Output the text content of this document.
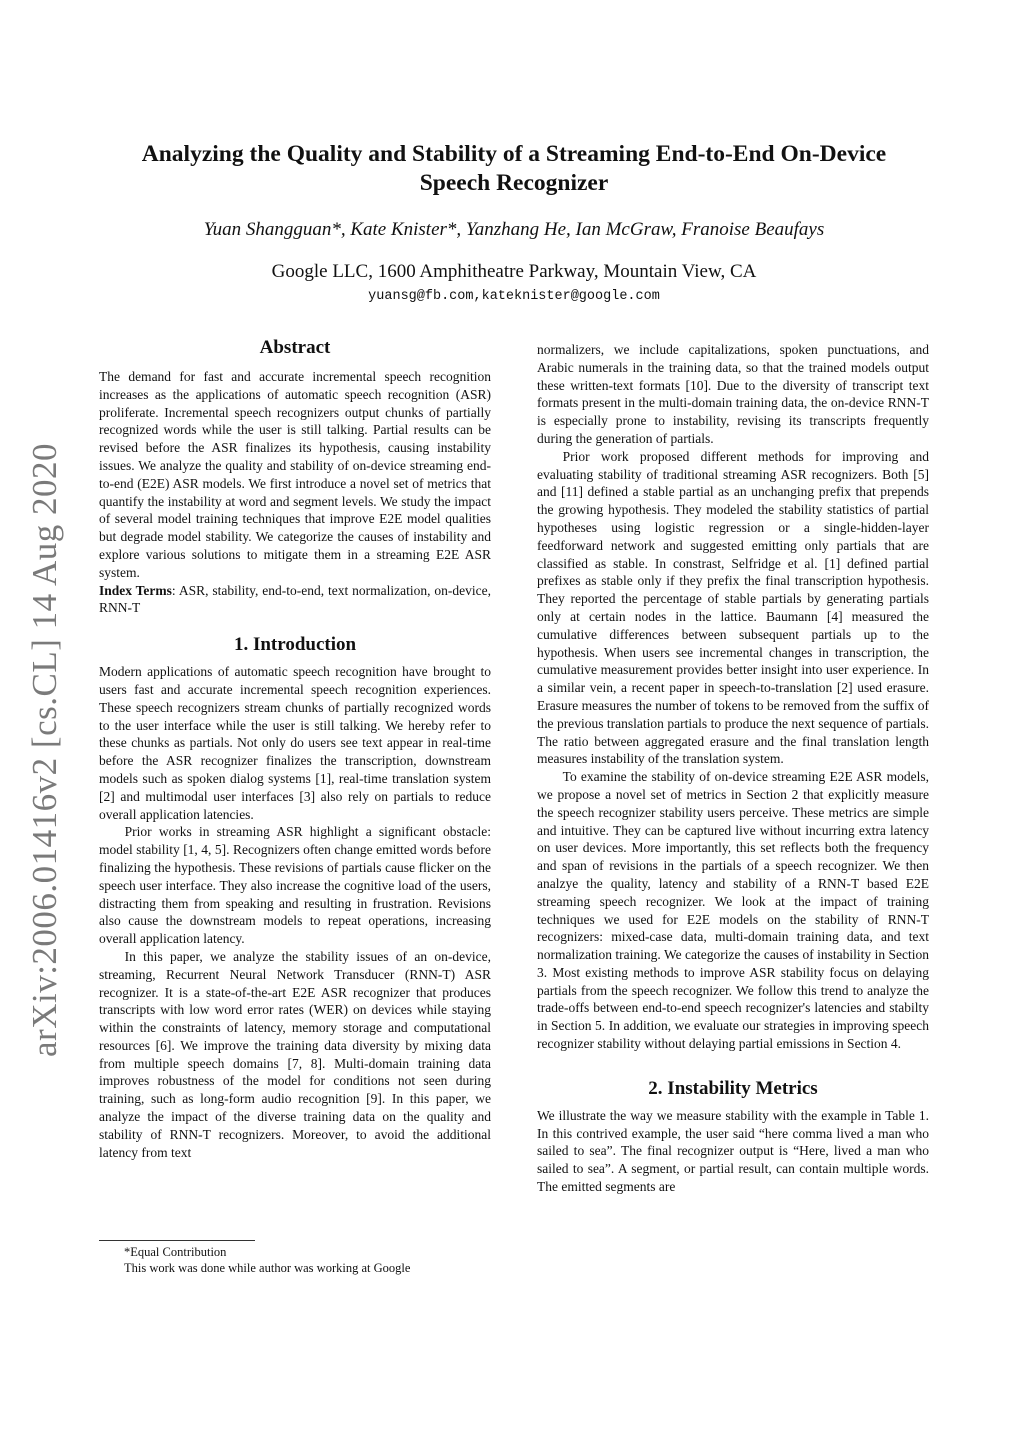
arXiv:2006.01416v2 [cs.CL] 14 Aug 2020
Analyzing the Quality and Stability of a Streaming End-to-End On-Device
Speech Recognizer
Yuan Shangguan*, Kate Knister*, Yanzhang He, Ian McGraw, Franoise Beaufays
Google LLC, 1600 Amphitheatre Parkway, Mountain View, CA
yuansg@fb.com,kateknister@google.com
Abstract

The demand for fast and accurate incremental speech recognition increases as the applications of automatic speech recognition (ASR) proliferate. Incremental speech recognizers output chunks of partially recognized words while the user is still talking. Partial results can be revised before the ASR finalizes its hypothesis, causing instability issues. We analyze the quality and stability of on-device streaming end-to-end (E2E) ASR models. We first introduce a novel set of metrics that quantify the instability at word and segment levels. We study the impact of several model training techniques that improve E2E model qualities but degrade model stability. We categorize the causes of instability and explore various solutions to mitigate them in a streaming E2E ASR system.

Index Terms: ASR, stability, end-to-end, text normalization, on-device, RNN-T

1. Introduction

Modern applications of automatic speech recognition have brought to users fast and accurate incremental speech recognition experiences. These speech recognizers stream chunks of partially recognized words to the user interface while the user is still talking. We hereby refer to these chunks as partials. Not only do users see text appear in real-time before the ASR recognizer finalizes the transcription, downstream models such as spoken dialog systems [1], real-time translation system [2] and multimodal user interfaces [3] also rely on partials to reduce overall application latencies.

Prior works in streaming ASR highlight a significant obstacle: model stability [1, 4, 5]. Recognizers often change emitted words before finalizing the hypothesis. These revisions of partials cause flicker on the speech user interface. They also increase the cognitive load of the users, distracting them from speaking and resulting in frustration. Revisions also cause the downstream models to repeat operations, increasing overall application latency.

In this paper, we analyze the stability issues of an on-device, streaming, Recurrent Neural Network Transducer (RNN-T) ASR recognizer. It is a state-of-the-art E2E ASR recognizer that produces transcripts with low word error rates (WER) on devices while staying within the constraints of latency, memory storage and computational resources [6]. We improve the training data diversity by mixing data from multiple speech domains [7, 8]. Multi-domain training data improves robustness of the model for conditions not seen during training, such as long-form audio recognition [9]. In this paper, we analyze the impact of the diverse training data on the quality and stability of RNN-T recognizers. Moreover, to avoid the additional latency from text

*Equal Contribution
This work was done while author was working at Google

normalizers, we include capitalizations, spoken punctuations, and Arabic numerals in the training data, so that the trained models output these written-text formats [10]. Due to the diversity of transcript text formats present in the multi-domain training data, the on-device RNN-T is especially prone to instability, revising its transcripts frequently during the generation of partials.

Prior work proposed different methods for improving and evaluating stability of traditional streaming ASR recognizers. Both [5] and [11] defined a stable partial as an unchanging prefix that prepends the growing hypothesis. They modeled the stability statistics of partial hypotheses using logistic regression or a single-hidden-layer feedforward network and suggested emitting only partials that are classified as stable. In constrast, Selfridge et al. [1] defined partial prefixes as stable only if they prefix the final transcription hypothesis. They reported the percentage of stable partials by generating partials only at certain nodes in the lattice. Baumann [4] measured the cumulative differences between subsequent partials up to the hypothesis. When users see incremental changes in transcription, the cumulative measurement provides better insight into user experience. In a similar vein, a recent paper in speech-to-translation [2] used erasure. Erasure measures the number of tokens to be removed from the suffix of the previous translation partials to produce the next sequence of partials. The ratio between aggregated erasure and the final translation length measures instability of the translation system.

To examine the stability of on-device streaming E2E ASR models, we propose a novel set of metrics in Section 2 that explicitly measure the speech recognizer stability users perceive. These metrics are simple and intuitive. They can be captured live without incurring extra latency on user devices. More importantly, this set reflects both the frequency and span of revisions in the partials of a speech recognizer. We then analzye the quality, latency and stability of a RNN-T based E2E streaming speech recognizer. We look at the impact of training techniques we used for E2E models on the stability of RNN-T recognizers: mixed-case data, multi-domain training data, and text normalization training. We categorize the causes of instability in Section 3. Most existing methods to improve ASR stability focus on delaying partials from the speech recognizer. We follow this trend to analyze the trade-offs between end-to-end speech recognizer's latencies and stabilty in Section 5. In addition, we evaluate our strategies in improving speech recognizer stability without delaying partial emissions in Section 4.

2. Instability Metrics

We illustrate the way we measure stability with the example in Table 1. In this contrived example, the user said “here comma lived a man who sailed to sea”. The final recognizer output is “Here, lived a man who sailed to sea”. A segment, or partial result, can contain multiple words. The emitted segments are
